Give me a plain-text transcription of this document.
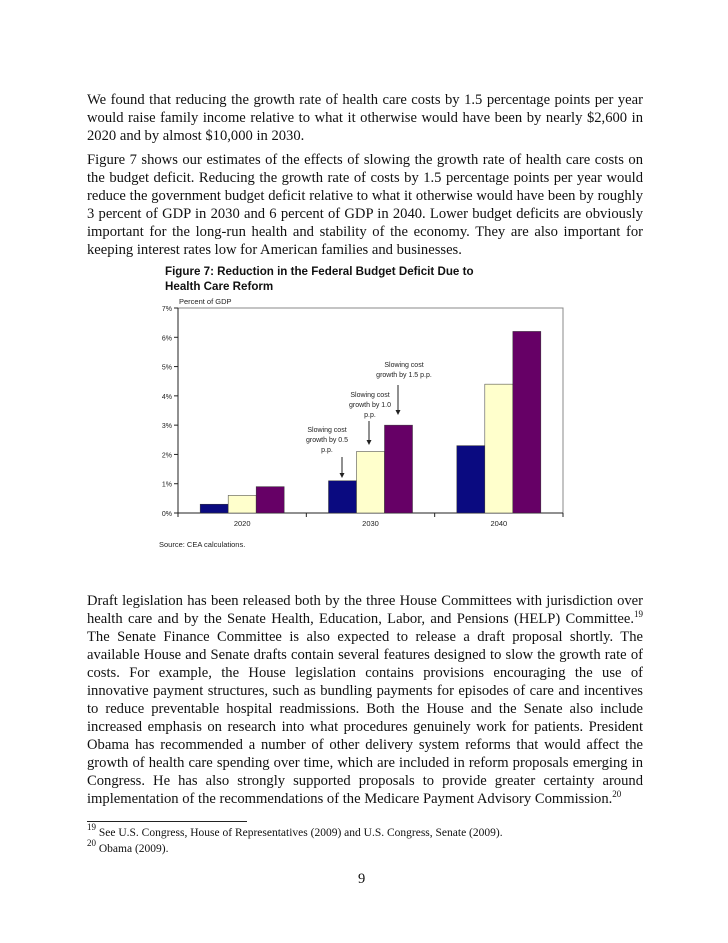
We found that reducing the growth rate of health care costs by 1.5 percentage points per year would raise family income relative to what it otherwise would have been by nearly $2,600 in 2020 and by almost $10,000 in 2030.

Figure 7 shows our estimates of the effects of slowing the growth rate of health care costs on the budget deficit. Reducing the growth rate of costs by 1.5 percentage points per year would reduce the government budget deficit relative to what it otherwise would have been by roughly 3 percent of GDP in 2030 and 6 percent of GDP in 2040. Lower budget deficits are obviously important for the long-run health and stability of the economy. They are also important for keeping interest rates low for American families and businesses.

Figure 7: Reduction in the Federal Budget Deficit Due to
Health Care Reform
0%
1%
2%
3%
4%
5%
6%
7%
Percent of GDP
2020	2030	2040
Slowing cost
growth by 0.5
p.p.
Slowing cost
growth by 1.0
p.p.
Slowing cost
growth by 1.5 p.p.
Source: CEA calculations.

Draft legislation has been released both by the three House Committees with jurisdiction over health care and by the Senate Health, Education, Labor, and Pensions (HELP) Committee.$^{19}$ The Senate Finance Committee is also expected to release a draft proposal shortly. The available House and Senate drafts contain several features designed to slow the growth rate of costs. For example, the House legislation contains provisions encouraging the use of innovative payment structures, such as bundling payments for episodes of care and incentives to reduce preventable hospital readmissions. Both the House and the Senate also include increased emphasis on research into what procedures genuinely work for patients. President Obama has recommended a number of other delivery system reforms that would affect the growth of health care spending over time, which are included in reform proposals emerging in Congress. He has also strongly supported proposals to provide greater certainty around implementation of the recommendations of the Medicare Payment Advisory Commission.$^{20}$

$^{19}$ See U.S. Congress, House of Representatives (2009) and U.S. Congress, Senate (2009).
$^{20}$ Obama (2009).
9
